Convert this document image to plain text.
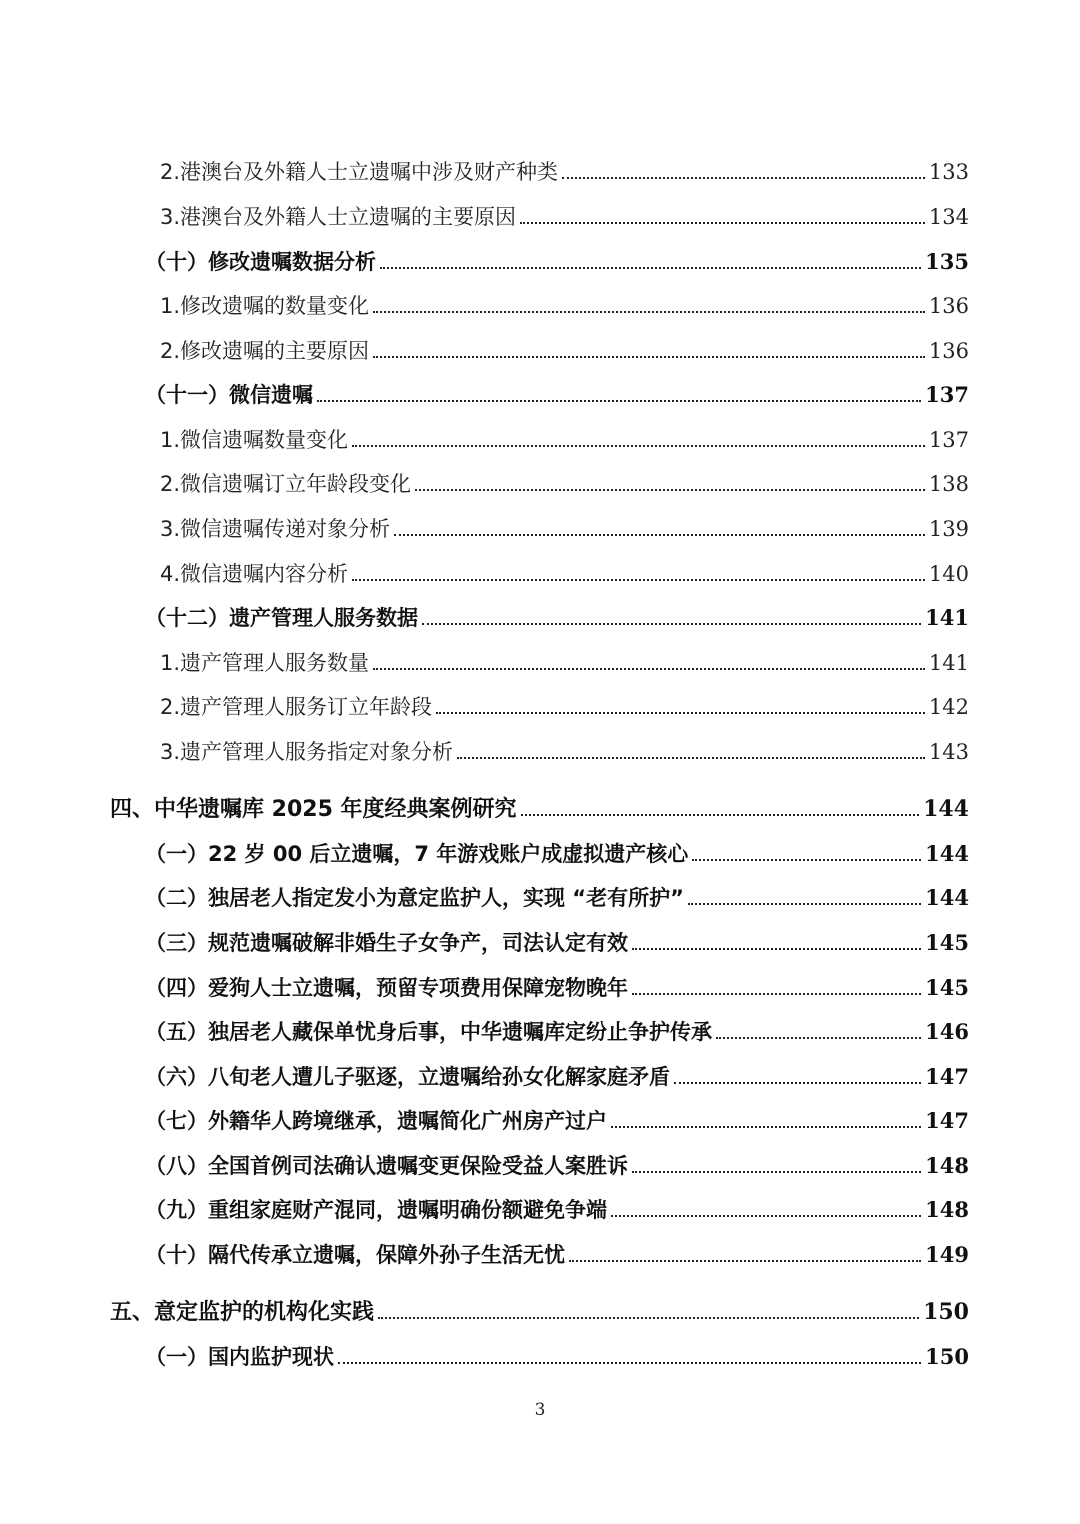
2.港澳台及外籍人士立遗嘱中涉及财产种类	133
3.港澳台及外籍人士立遗嘱的主要原因	134
（十）修改遗嘱数据分析	135
1.修改遗嘱的数量变化	136
2.修改遗嘱的主要原因	136
（十一）微信遗嘱	137
1.微信遗嘱数量变化	137
2.微信遗嘱订立年龄段变化	138
3.微信遗嘱传递对象分析	139
4.微信遗嘱内容分析	140
（十二）遗产管理人服务数据	141
1.遗产管理人服务数量	141
2.遗产管理人服务订立年龄段	142
3.遗产管理人服务指定对象分析	143
四、中华遗嘱库 2025 年度经典案例研究	144
（一）22 岁 00 后立遗嘱，7 年游戏账户成虚拟遗产核心	144
（二）独居老人指定发小为意定监护人，实现 “老有所护”	144
（三）规范遗嘱破解非婚生子女争产，司法认定有效	145
（四）爱狗人士立遗嘱，预留专项费用保障宠物晚年	145
（五）独居老人藏保单忧身后事，中华遗嘱库定纷止争护传承	146
（六）八旬老人遭儿子驱逐，立遗嘱给孙女化解家庭矛盾	147
（七）外籍华人跨境继承，遗嘱简化广州房产过户	147
（八）全国首例司法确认遗嘱变更保险受益人案胜诉	148
（九）重组家庭财产混同，遗嘱明确份额避免争端	148
（十）隔代传承立遗嘱，保障外孙子生活无忧	149
五、意定监护的机构化实践	150
（一）国内监护现状	150
3
